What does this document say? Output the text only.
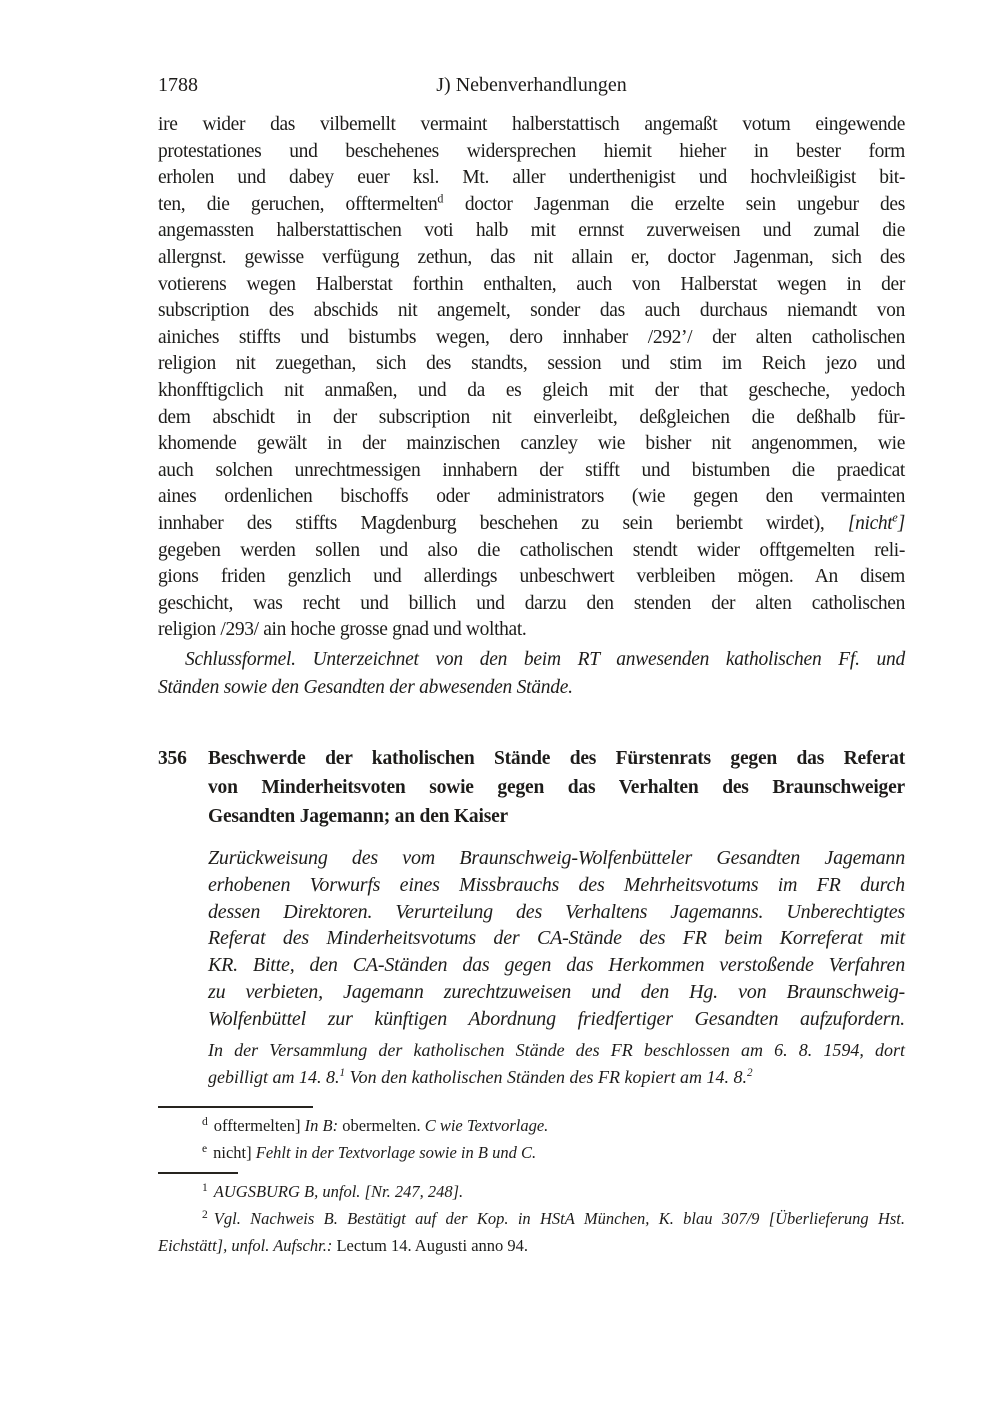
1788	J) Nebenverhandlungen
ire wider das vilbemellt vermaint halberstattisch angemaßt votum eingewende
protestationes und beschehenes widersprechen hiemit hieher in bester form
erholen und dabey euer ksl. Mt. aller underthenigist und hochvleißigist bit-
ten, die geruchen, offtermelten$^d$ doctor Jagenman die erzelte sein ungebur des
angemassten halberstattischen voti halb mit ernnst zuverweisen und zumal die
allergnst. gewisse verfügung zethun, das nit allain er, doctor Jagenman, sich des
votierens wegen Halberstat forthin enthalten, auch von Halberstat wegen in der
subscription des abschids nit angemelt, sonder das auch durchaus niemandt von
ainiches stiffts und bistumbs wegen, dero innhaber /292’/ der alten catholischen
religion nit zuegethan, sich des standts, session und stim im Reich jezo und
khonfftigclich nit anmaßen, und da es gleich mit der that gescheche, yedoch
dem abschidt in der subscription nit einverleibt, deßgleichen die deßhalb für-
khomende gewält in der mainzischen canzley wie bisher nit angenommen, wie
auch solchen unrechtmessigen innhabern der stifft und bistumben die praedicat
aines ordenlichen bischoffs oder administrators (wie gegen den vermainten
innhaber des stiffts Magdenburg beschehen zu sein beriembt wirdet), [nicht$^e$]
gegeben werden sollen und also die catholischen stendt wider offtgemelten reli-
gions friden genzlich und allerdings unbeschwert verbleiben mögen. An disem
geschicht, was recht und billich und darzu den stenden der alten catholischen
religion /293/ ain hoche grosse gnad und wolthat.
Schlussformel. Unterzeichnet von den beim RT anwesenden katholischen Ff. und
Ständen sowie den Gesandten der abwesenden Stände.
356 Beschwerde der katholischen Stände des Fürstenrats gegen das Referat
von Minderheitsvoten sowie gegen das Verhalten des Braunschweiger
Gesandten Jagemann; an den Kaiser
Zurückweisung des vom Braunschweig-Wolfenbütteler Gesandten Jagemann
erhobenen Vorwurfs eines Missbrauchs des Mehrheitsvotums im FR durch
dessen Direktoren. Verurteilung des Verhaltens Jagemanns. Unberechtigtes
Referat des Minderheitsvotums der CA-Stände des FR beim Korreferat mit
KR. Bitte, den CA-Ständen das gegen das Herkommen verstoßende Verfahren
zu verbieten, Jagemann zurechtzuweisen und den Hg. von Braunschweig-
Wolfenbüttel zur künftigen Abordnung friedfertiger Gesandten aufzufordern.
In der Versammlung der katholischen Stände des FR beschlossen am 6. 8. 1594, dort
gebilligt am 14. 8.$^1$ Von den katholischen Ständen des FR kopiert am 14. 8.$^2$
$^d$ offtermelten] In B: obermelten. C wie Textvorlage.
$^e$ nicht] Fehlt in der Textvorlage sowie in B und C.
$^1$ AUGSBURG B, unfol. [Nr. 247, 248].
$^2$ Vgl. Nachweis B. Bestätigt auf der Kop. in HStA München, K. blau 307/9 [Überlieferung Hst.
Eichstätt], unfol. Aufschr.: Lectum 14. Augusti anno 94.
